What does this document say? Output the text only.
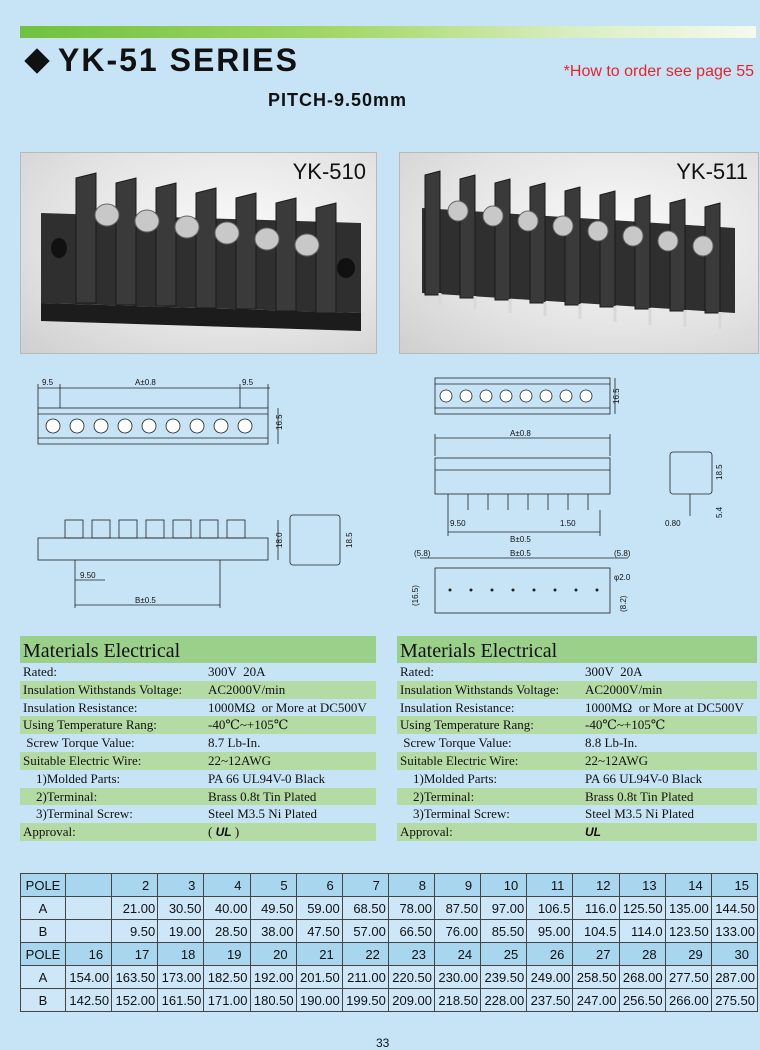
YK-51 SERIES	*How to order see page 55
PITCH-9.50mm
YK-510	YK-511
9.5	A±0.8	9.5
16.5
18.0	18.5
9.50
B±0.5
16.5
A±0.8
18.5
5.4
9.50	1.50
B±0.5
0.80
(5.8)	(5.8)
B±0.5
φ2.0
(16.5)	(8.2)
Materials Electrical
Rated:	300V  20A
Insulation Withstands Voltage:	AC2000V/min
Insulation Resistance:	1000MΩ  or More at DC500V
Using Temperature Rang:	-40℃~+105℃
Screw Torque Value:	8.7 Lb-In.
Suitable Electric Wire:	22~12AWG
1)Molded Parts:	PA 66 UL94V-0 Black
2)Terminal:	Brass 0.8t Tin Plated
3)Terminal Screw:	Steel M3.5 Ni Plated
Approval:	( UL )
Materials Electrical
Rated:	300V  20A
Insulation Withstands Voltage:	AC2000V/min
Insulation Resistance:	1000MΩ  or More at DC500V
Using Temperature Rang:	-40℃~+105℃
Screw Torque Value:	8.8 Lb-In.
Suitable Electric Wire:	22~12AWG
1)Molded Parts:	PA 66 UL94V-0 Black
2)Terminal:	Brass 0.8t Tin Plated
3)Terminal Screw:	Steel M3.5 Ni Plated
Approval:	UL
POLE		2	3	4	5	6	7	8	9	10	11	12	13	14	15
A		21.00	30.50	40.00	49.50	59.00	68.50	78.00	87.50	97.00	106.5	116.0	125.50	135.00	144.50
B		9.50	19.00	28.50	38.00	47.50	57.00	66.50	76.00	85.50	95.00	104.5	114.0	123.50	133.00
POLE	16	17	18	19	20	21	22	23	24	25	26	27	28	29	30
A	154.00	163.50	173.00	182.50	192.00	201.50	211.00	220.50	230.00	239.50	249.00	258.50	268.00	277.50	287.00
B	142.50	152.00	161.50	171.00	180.50	190.00	199.50	209.00	218.50	228.00	237.50	247.00	256.50	266.00	275.50
33
